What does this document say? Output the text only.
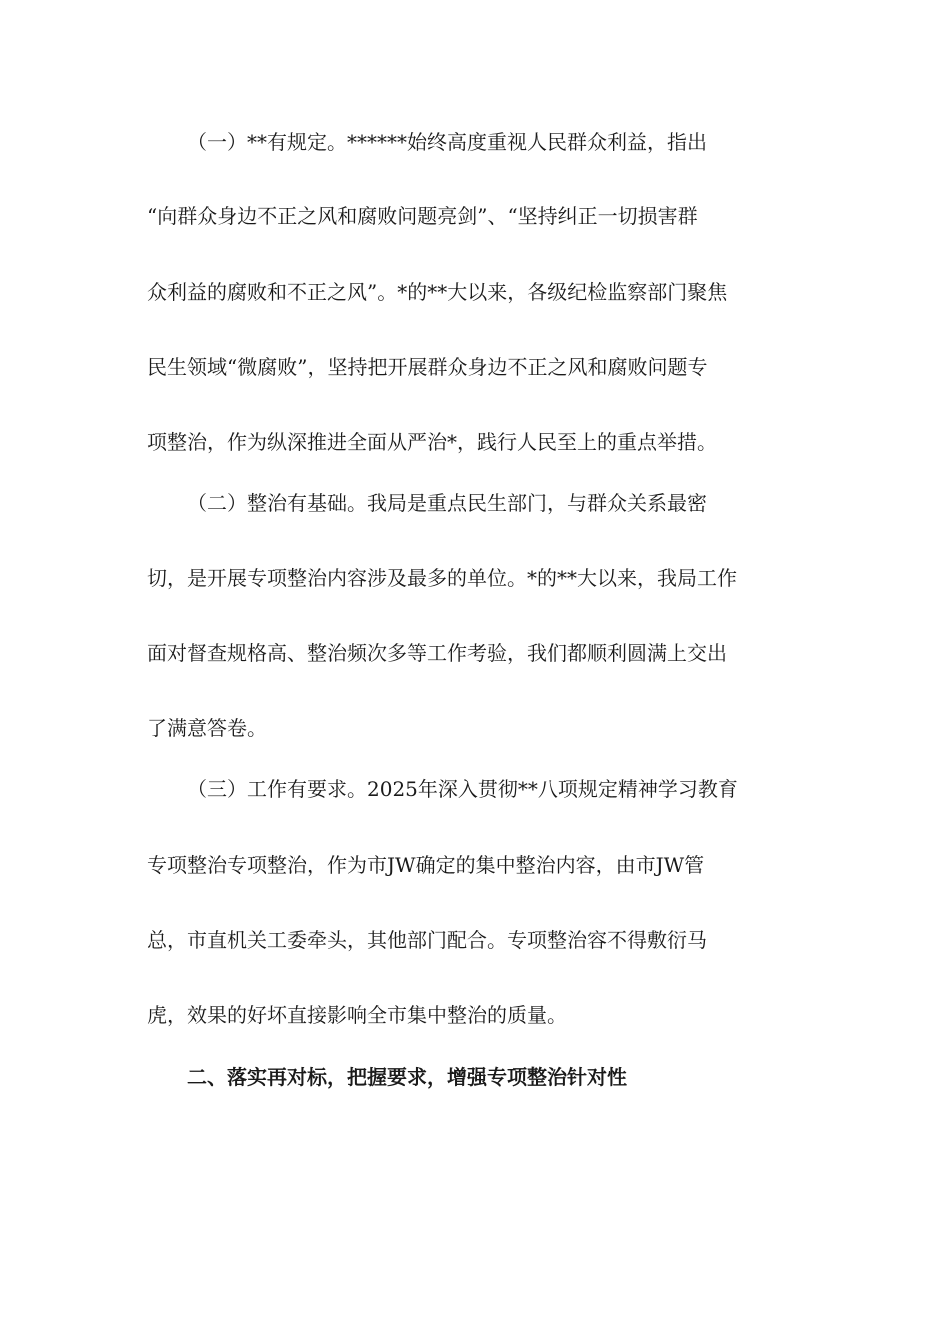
（一）**有规定。******始终高度重视人民群众利益，指出
“向群众身边不正之风和腐败问题亮剑”、“坚持纠正一切损害群
众利益的腐败和不正之风”。*的**大以来，各级纪检监察部门聚焦
民生领域“微腐败”，坚持把开展群众身边不正之风和腐败问题专
项整治，作为纵深推进全面从严治*，践行人民至上的重点举措。
（二）整治有基础。我局是重点民生部门，与群众关系最密
切，是开展专项整治内容涉及最多的单位。*的**大以来，我局工作
面对督查规格高、整治频次多等工作考验，我们都顺利圆满上交出
了满意答卷。
（三）工作有要求。2025年深入贯彻**八项规定精神学习教育
专项整治专项整治，作为市JW确定的集中整治内容，由市JW管
总，市直机关工委牵头，其他部门配合。专项整治容不得敷衍马
虎，效果的好坏直接影响全市集中整治的质量。
二、落实再对标，把握要求，增强专项整治针对性
